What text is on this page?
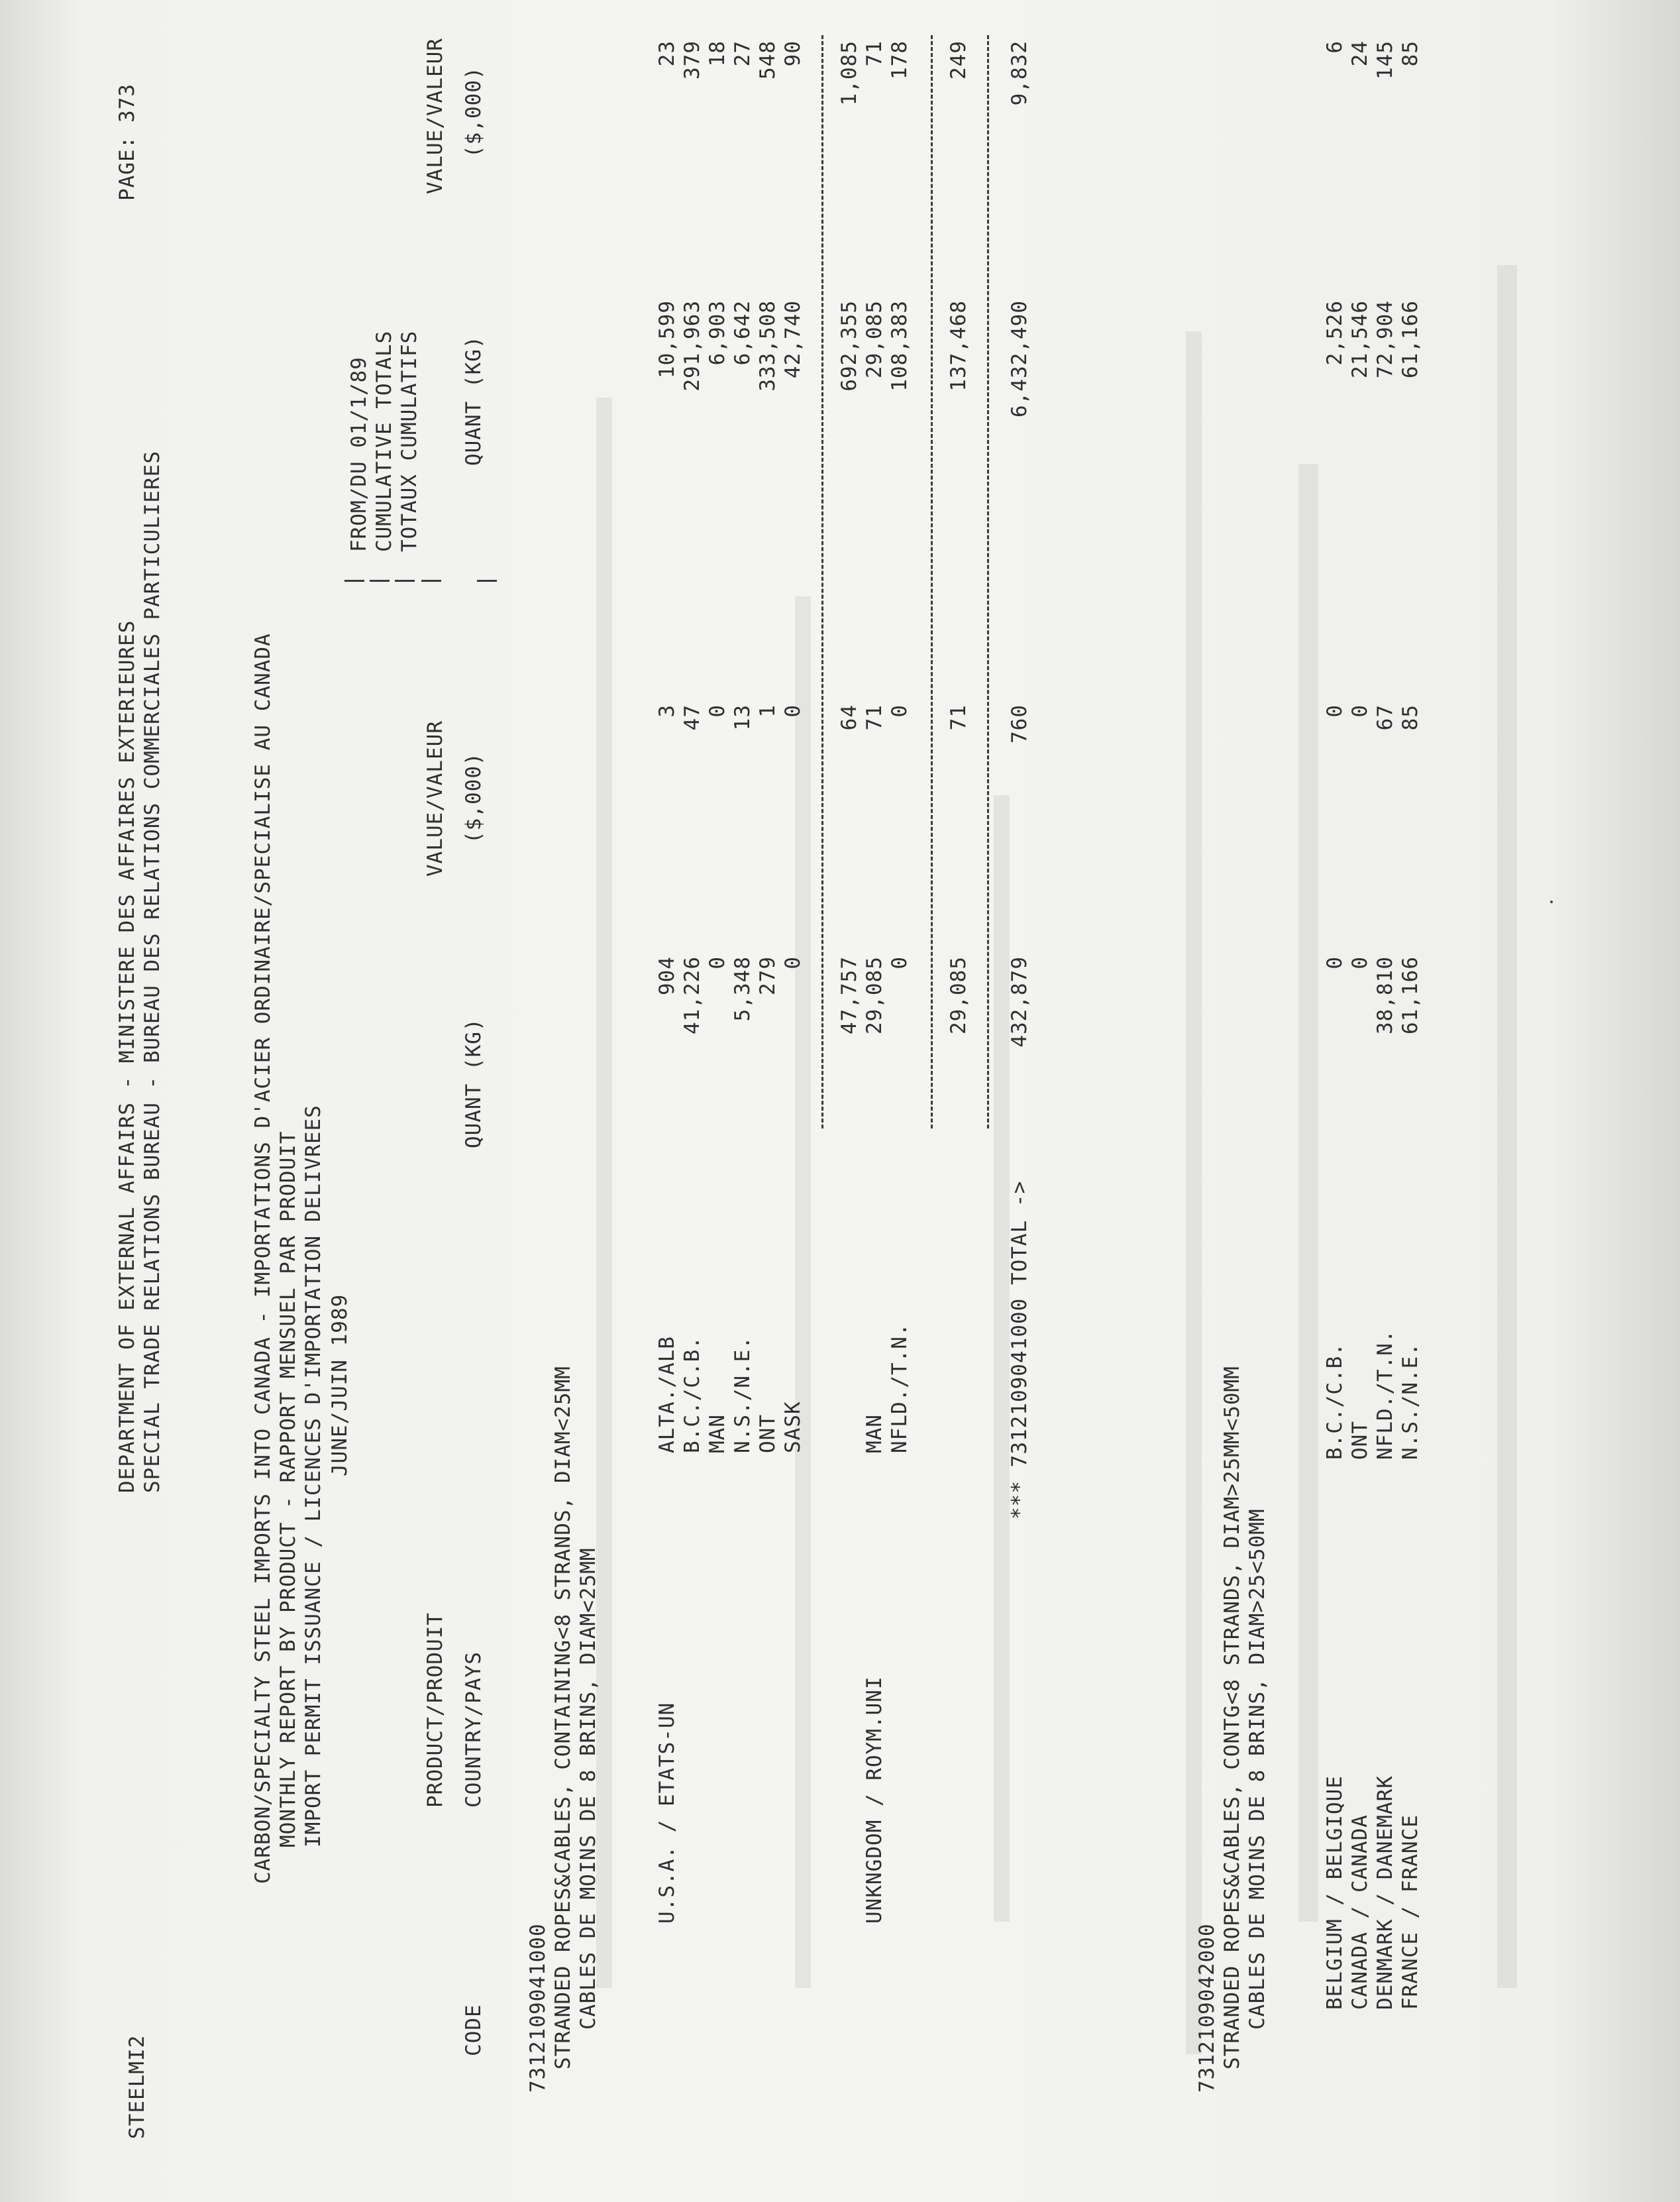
STEELMI2
DEPARTMENT OF EXTERNAL AFFAIRS - MINISTERE DES AFFAIRES EXTERIEURES SPECIAL TRADE RELATIONS BUREAU - BUREAU DES RELATIONS COMMERCIALES PARTICULIERES
PAGE: 373
CARBON/SPECIALTY STEEL IMPORTS INTO CANADA - IMPORTATIONS D'ACIER ORDINAIRE/SPECIALISE AU CANADA MONTHLY REPORT BY PRODUCT - RAPPORT MENSUEL PAR PRODUIT IMPORT PERMIT ISSUANCE / LICENCES D'IMPORTATION DELIVREES JUNE/JUIN 1989
FROM/DU 01/1/89 CUMULATIVE TOTALS TOTAUX CUMULATIFS
PRODUCT/PRODUIT
VALUE/VALEUR
VALUE/VALEUR
CODE
COUNTRY/PAYS
QUANT (KG)
($,000)
QUANT (KG)
($,000)
7312109041000 STRANDED ROPES&CABLES, CONTAINING<8 STRANDS, DIAM<25MM CABLES DE MOINS DE 8 BRINS, DIAM<25MM	U.S.A. / ETATS-UN
ALTA./ALB
904
3
10,599
23
B.C./C.B.
41,226
47
291,963
379
MAN
0
0
6,903
18
N.S./N.E.
5,348
13
6,642
27
ONT
279
1
333,508
548
SASK
0
0
42,740
90
47,757
64
692,355
1,085
UNKNGDOM / ROYM.UNI
MAN
29,085
71
29,085
71
NFLD./T.N.
0
0
108,383
178
29,085
71
137,468
249
*** 7312109041000 TOTAL ->
432,879
760
6,432,490
9,832
7312109042000 STRANDED ROPES&CABLES, CONTG<8 STRANDS, DIAM>25MM<50MM CABLES DE MOINS DE 8 BRINS, DIAM>25<50MM	BELGIUM / BELGIQUE
B.C./C.B.
0
0
2,526
6
CANADA / CANADA
ONT
0
0
21,546
24
DENMARK / DANEMARK
NFLD./T.N.
38,810
67
72,904
145
FRANCE / FRANCE
N.S./N.E.
61,166
85
61,166
85
